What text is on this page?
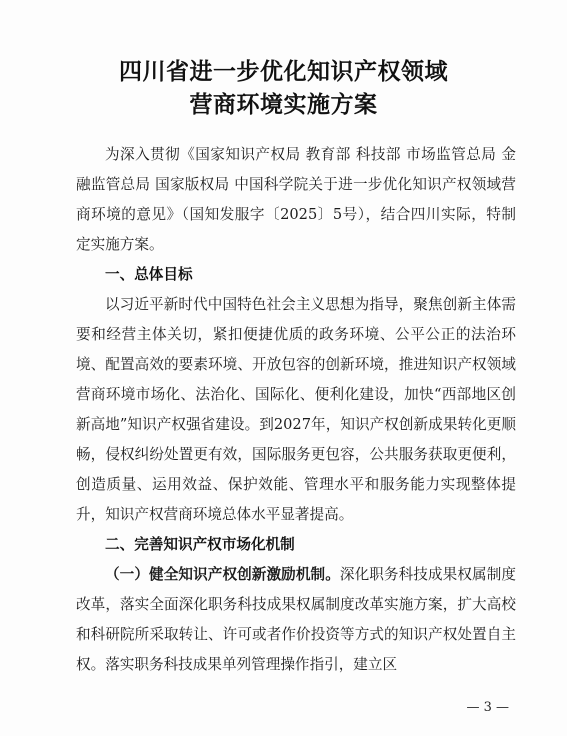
四川省进一步优化知识产权领域
营商环境实施方案

为深入贯彻《国家知识产权局 教育部 科技部 市场监管总局 金融监管总局 国家版权局 中国科学院关于进一步优化知识产权领域营商环境的意见》（国知发服字〔2025〕5号），结合四川实际，特制定实施方案。

一、总体目标

以习近平新时代中国特色社会主义思想为指导，聚焦创新主体需要和经营主体关切，紧扣便捷优质的政务环境、公平公正的法治环境、配置高效的要素环境、开放包容的创新环境，推进知识产权领域营商环境市场化、法治化、国际化、便利化建设，加快“西部地区创新高地”知识产权强省建设。到2027年，知识产权创新成果转化更顺畅，侵权纠纷处置更有效，国际服务更包容，公共服务获取更便利，创造质量、运用效益、保护效能、管理水平和服务能力实现整体提升，知识产权营商环境总体水平显著提高。

二、完善知识产权市场化机制

（一）健全知识产权创新激励机制。深化职务科技成果权属制度改革，落实全面深化职务科技成果权属制度改革实施方案，扩大高校和科研院所采取转让、许可或者作价投资等方式的知识产权处置自主权。落实职务科技成果单列管理操作指引，建立区

— 3 —
